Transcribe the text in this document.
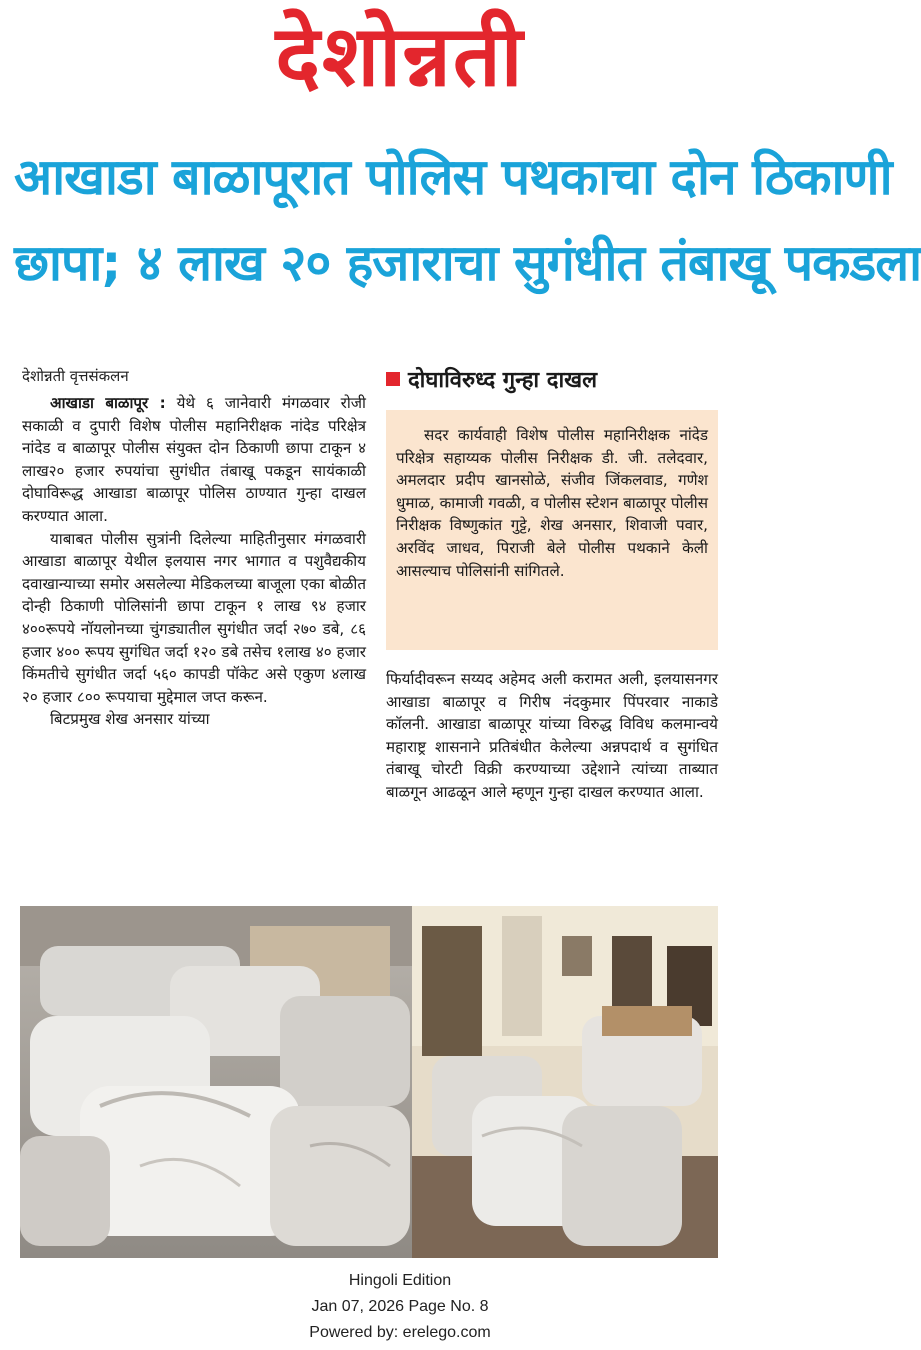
देशोन्नती
आखाडा बाळापूरात पोलिस पथकाचा दोन ठिकाणी
छापा; ४ लाख २० हजाराचा सुगंधीत तंबाखू पकडला
देशोन्नती वृत्तसंकलन

आखाडा बाळापूर : येथे ६ जानेवारी मंगळवार रोजी सकाळी व दुपारी विशेष पोलीस महानिरीक्षक नांदेड परिक्षेत्र नांदेड व बाळापूर पोलीस संयुक्त दोन ठिकाणी छापा टाकून ४ लाख२० हजार रुपयांचा सुगंधीत तंबाखू पकडून सायंकाळी दोघाविरूद्ध आखाडा बाळापूर पोलिस ठाण्यात गुन्हा दाखल करण्यात आला.

याबाबत पोलीस सुत्रांनी दिलेल्या माहितीनुसार मंगळवारी आखाडा बाळापूर येथील इलयास नगर भागात व पशुवैद्यकीय दवाखान्याच्या समोर असलेल्या मेडिकलच्या बाजूला एका बोळीत दोन्ही ठिकाणी पोलिसांनी छापा टाकून १ लाख ९४ हजार ४००रूपये नॉयलोनच्या चुंगड्यातील सुगंधीत जर्दा २७० डबे, ८६ हजार ४०० रूपय सुगंधित जर्दा १२० डबे तसेच १लाख ४० हजार किंमतीचे सुगंधीत जर्दा ५६० कापडी पॉकेट असे एकुण ४लाख २० हजार ८०० रूपयाचा मुद्देमाल जप्त करून.

बिटप्रमुख शेख अनसार यांच्या

दोघाविरुध्द गुन्हा दाखल

सदर कार्यवाही विशेष पोलीस महानिरीक्षक नांदेड परिक्षेत्र सहाय्यक पोलीस निरीक्षक डी. जी. तलेदवार, अमलदार प्रदीप खानसोळे, संजीव जिंकलवाड, गणेश धुमाळ, कामाजी गवळी, व पोलीस स्टेशन बाळापूर पोलीस निरीक्षक विष्णुकांत गुट्टे, शेख अनसार, शिवाजी पवार, अरविंद जाधव, पिराजी बेले पोलीस पथकाने केली आसल्याच पोलिसांनी सांगितले.

फिर्यादीवरून सय्यद अहेमद अली करामत अली, इलयासनगर आखाडा बाळापूर व गिरीष नंदकुमार पिंपरवार नाकाडे कॉलनी. आखाडा बाळापूर यांच्या विरुद्ध विविध कलमान्वये महाराष्ट्र शासनाने प्रतिबंधीत केलेल्या अन्नपदार्थ व सुगंधित तंबाखू चोरटी विक्री करण्याच्या उद्देशाने त्यांच्या ताब्यात बाळगून आढळून आले म्हणून गुन्हा दाखल करण्यात आला.

Hingoli Edition
Jan 07, 2026 Page No. 8
Powered by: erelego.com
